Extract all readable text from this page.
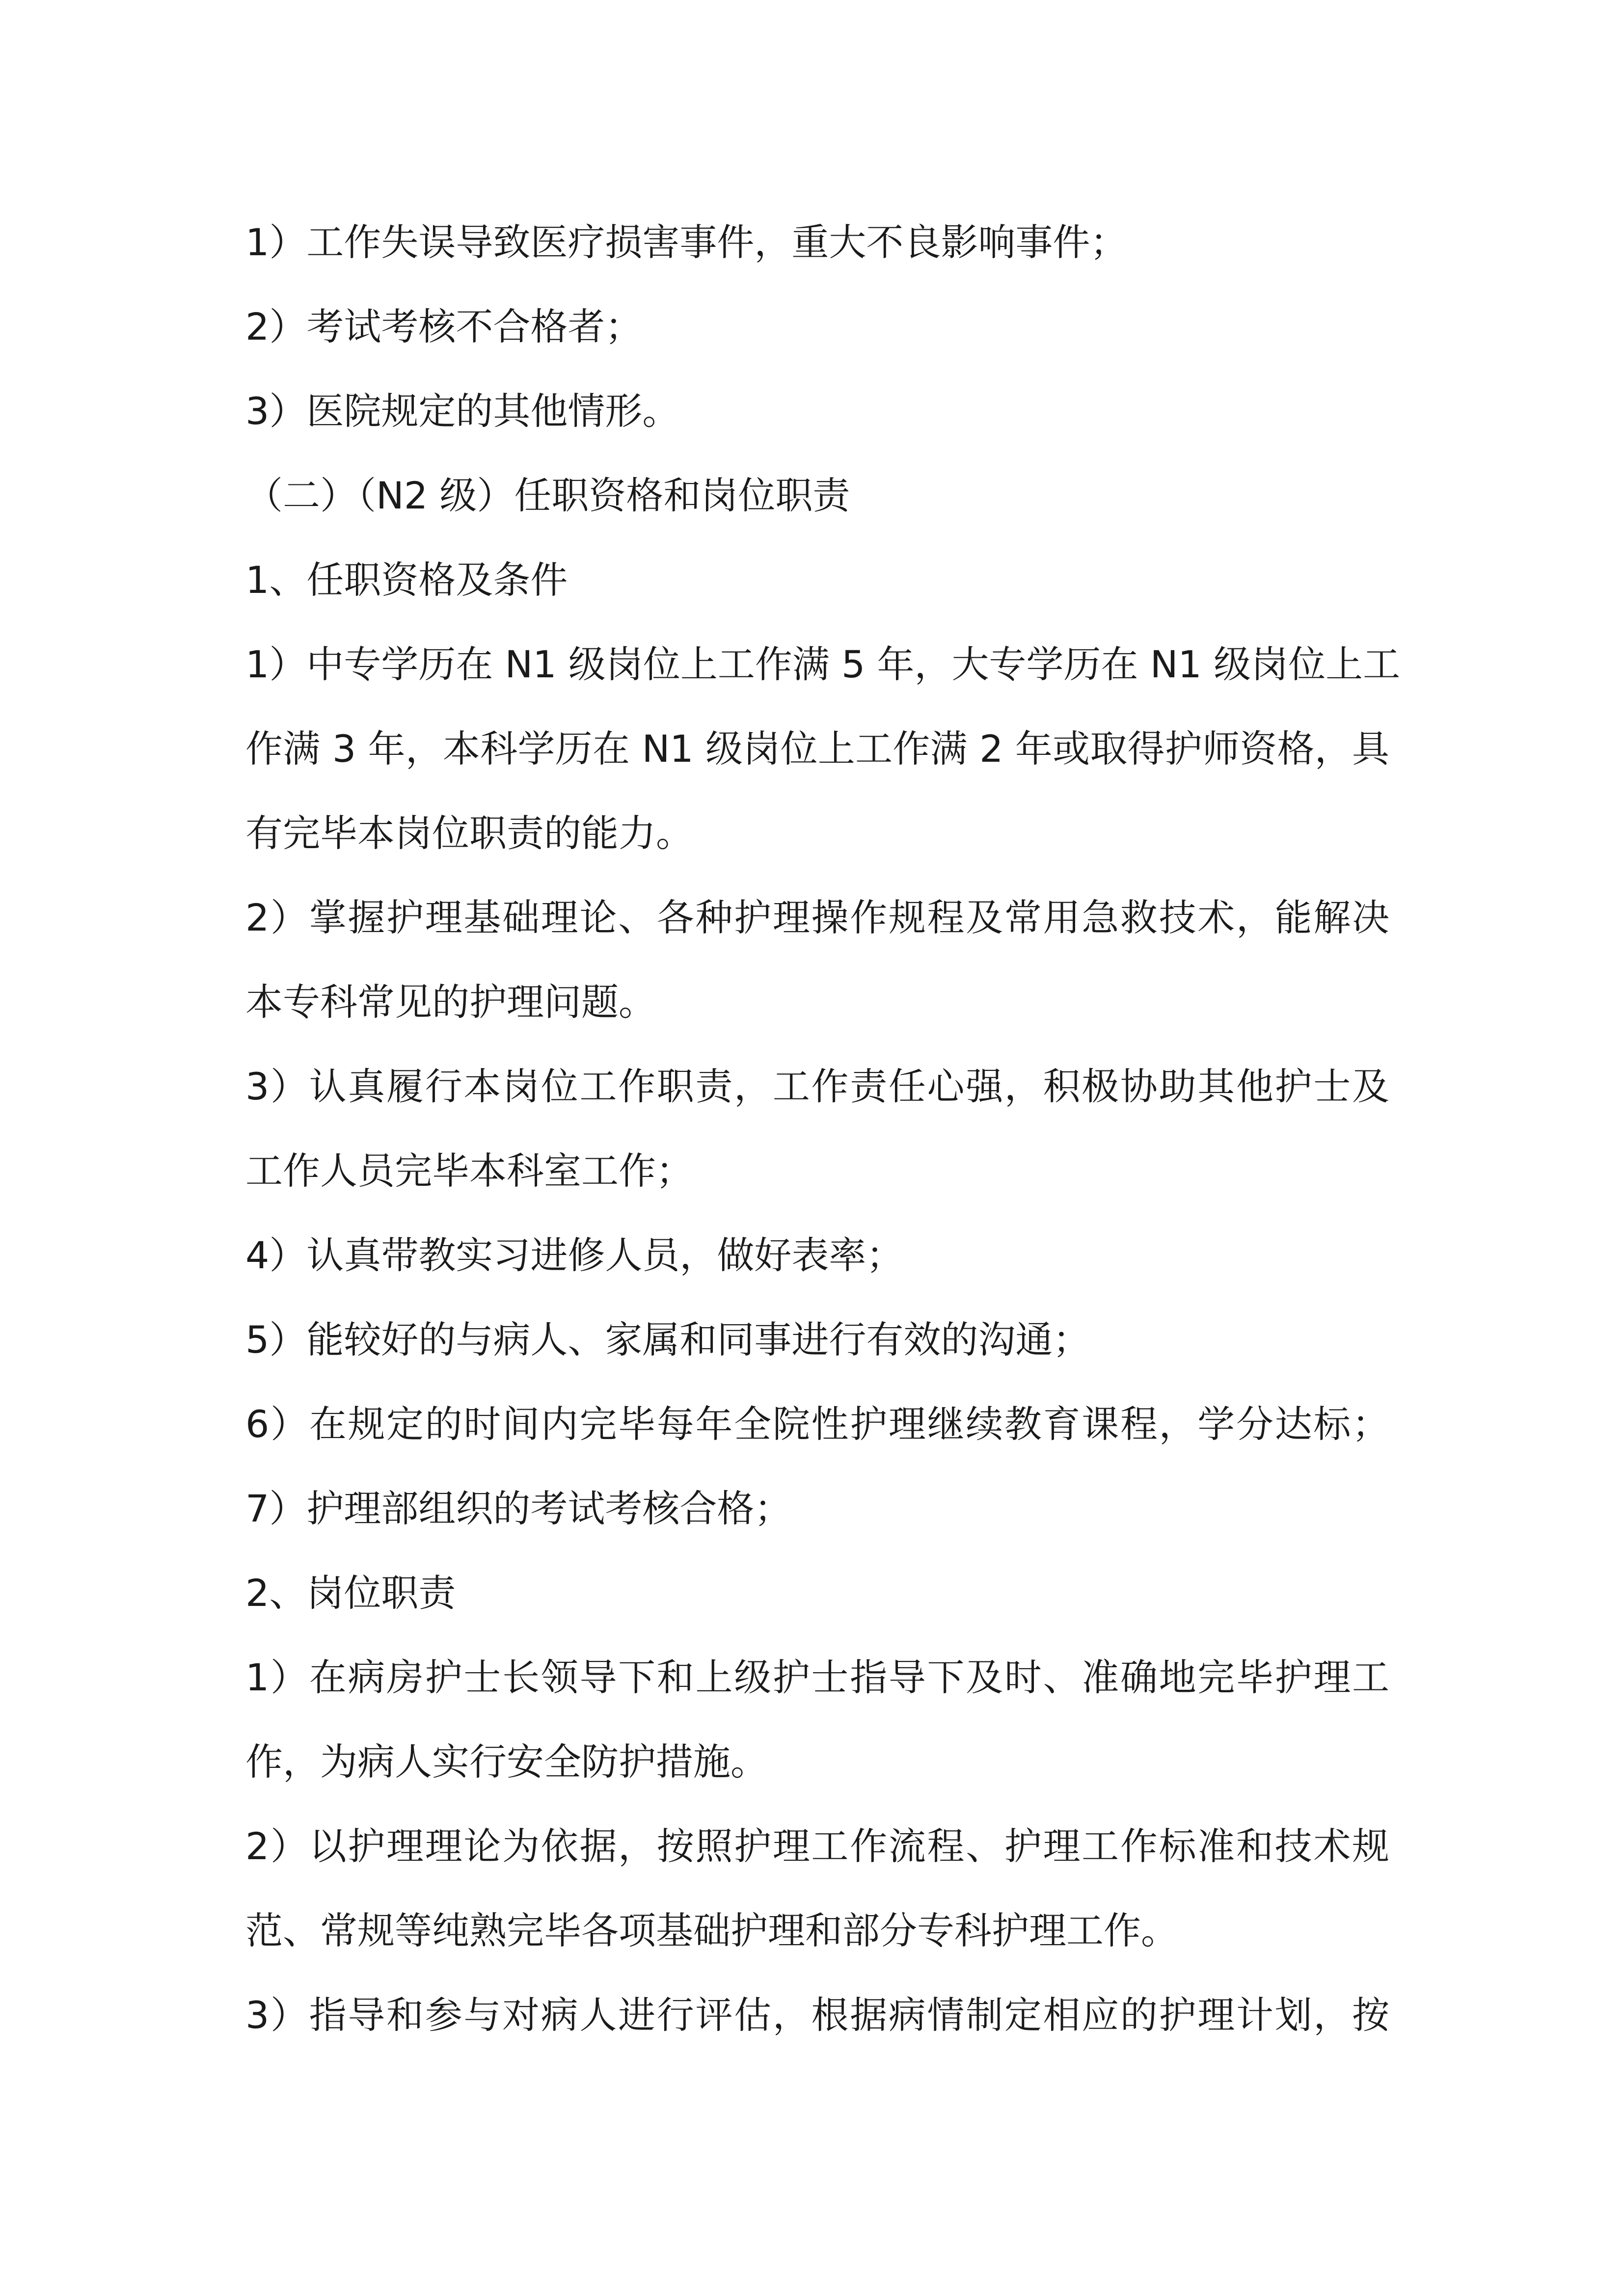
1）工作失误导致医疗损害事件，重大不良影响事件；
2）考试考核不合格者；
3）医院规定的其他情形。
（二）（N2 级）任职资格和岗位职责
1、任职资格及条件
1）中专学历在 N1 级岗位上工作满 5 年，大专学历在 N1 级岗位上工
作满 3 年，本科学历在 N1 级岗位上工作满 2 年或取得护师资格，具
有完毕本岗位职责的能力。
2）掌握护理基础理论、各种护理操作规程及常用急救技术，能解决
本专科常见的护理问题。
3）认真履行本岗位工作职责，工作责任心强，积极协助其他护士及
工作人员完毕本科室工作；
4）认真带教实习进修人员，做好表率；
5）能较好的与病人、家属和同事进行有效的沟通；
6）在规定的时间内完毕每年全院性护理继续教育课程，学分达标；
7）护理部组织的考试考核合格；
2、岗位职责
1）在病房护士长领导下和上级护士指导下及时、准确地完毕护理工
作，为病人实行安全防护措施。
2）以护理理论为依据，按照护理工作流程、护理工作标准和技术规
范、常规等纯熟完毕各项基础护理和部分专科护理工作。
3）指导和参与对病人进行评估，根据病情制定相应的护理计划，按
